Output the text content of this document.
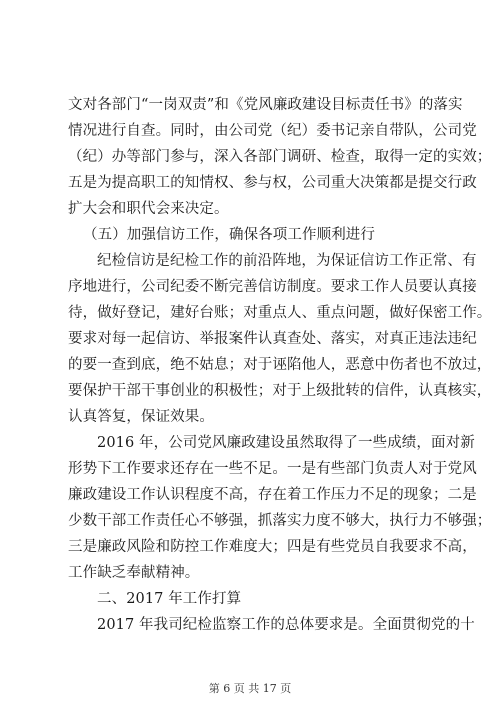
文对各部门“一岗双责”和《党风廉政建设目标责任书》的落实
情况进行自查。同时，由公司党（纪）委书记亲自带队，公司党
（纪）办等部门参与，深入各部门调研、检查，取得一定的实效；
五是为提高职工的知情权、参与权，公司重大决策都是提交行政
扩大会和职代会来决定。
（五）加强信访工作，确保各项工作顺利进行
纪检信访是纪检工作的前沿阵地，为保证信访工作正常、有
序地进行，公司纪委不断完善信访制度。要求工作人员要认真接
待，做好登记，建好台账；对重点人、重点问题，做好保密工作。
要求对每一起信访、举报案件认真查处、落实，对真正违法违纪
的要一查到底，绝不姑息；对于诬陷他人，恶意中伤者也不放过，
要保护干部干事创业的积极性；对于上级批转的信件，认真核实，
认真答复，保证效果。
2016 年，公司党风廉政建设虽然取得了一些成绩，面对新
形势下工作要求还存在一些不足。一是有些部门负责人对于党风
廉政建设工作认识程度不高，存在着工作压力不足的现象；二是
少数干部工作责任心不够强，抓落实力度不够大，执行力不够强；
三是廉政风险和防控工作难度大；四是有些党员自我要求不高，
工作缺乏奉献精神。
二、2017 年工作打算
2017 年我司纪检监察工作的总体要求是。全面贯彻党的十
第 6 页 共 17 页
